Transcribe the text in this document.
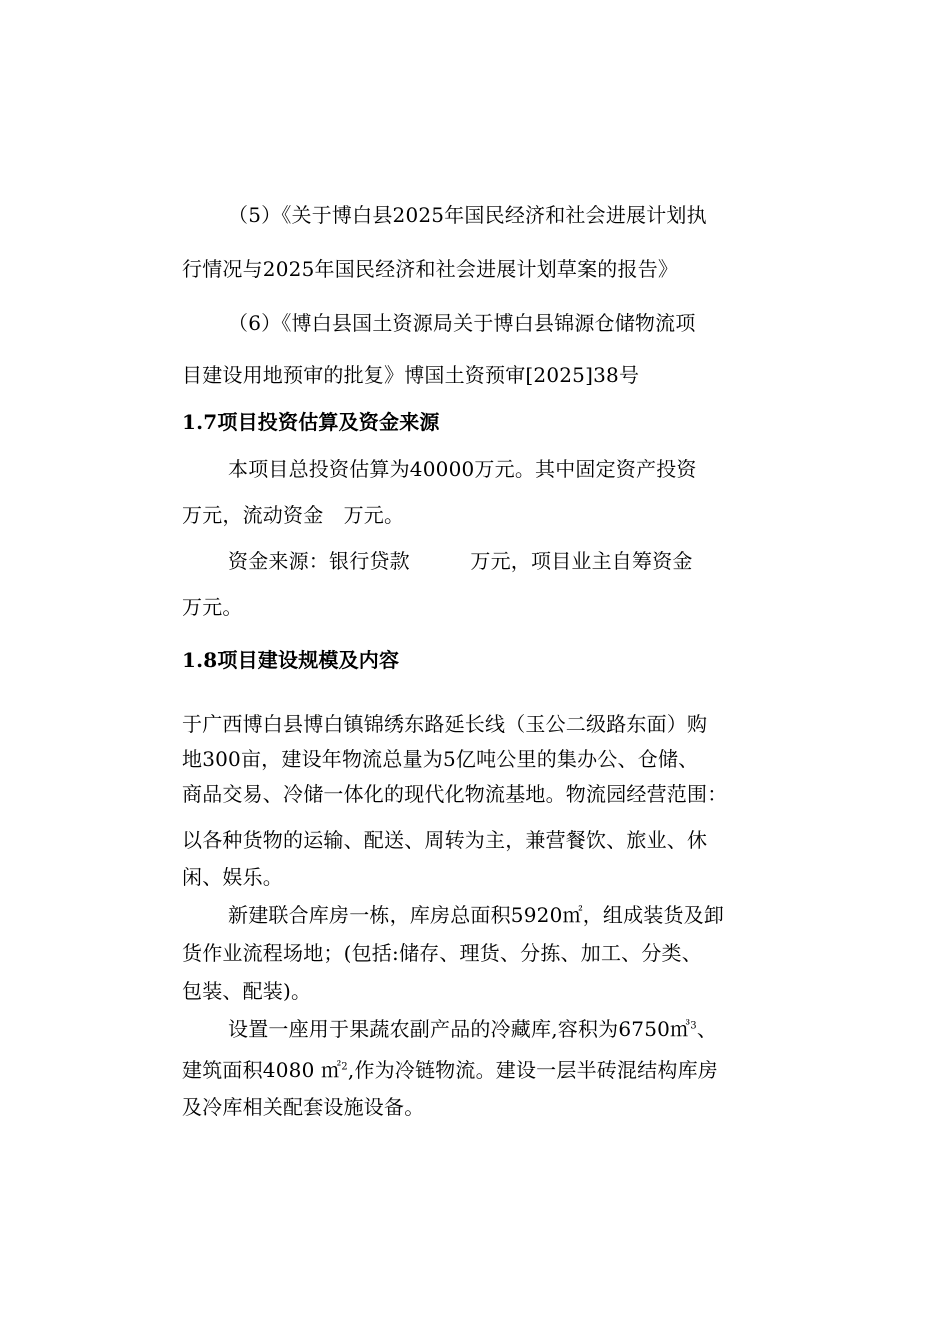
（5）《关于博白县2025年国民经济和社会进展计划执
行情况与2025年国民经济和社会进展计划草案的报告》
（6）《博白县国土资源局关于博白县锦源仓储物流项
目建设用地预审的批复》博国土资预审[2025]38号
1.7项目投资估算及资金来源
本项目总投资估算为40000万元。其中固定资产投资
万元，流动资金　万元。
资金来源：银行贷款　　　万元，项目业主自筹资金
万元。
1.8项目建设规模及内容
于广西博白县博白镇锦绣东路延长线（玉公二级路东面）购
地300亩，建设年物流总量为5亿吨公里的集办公、仓储、
商品交易、冷储一体化的现代化物流基地。物流园经营范围：
以各种货物的运输、配送、周转为主，兼营餐饮、旅业、休
闲、娱乐。
新建联合库房一栋，库房总面积5920㎡，组成装货及卸
货作业流程场地；(包括:储存、理货、分拣、加工、分类、
包装、配装)。
设置一座用于果蔬农副产品的冷藏库,容积为6750㎥$^3$、
建筑面积4080 ㎡$^2$,作为冷链物流。建设一层半砖混结构库房
及冷库相关配套设施设备。
